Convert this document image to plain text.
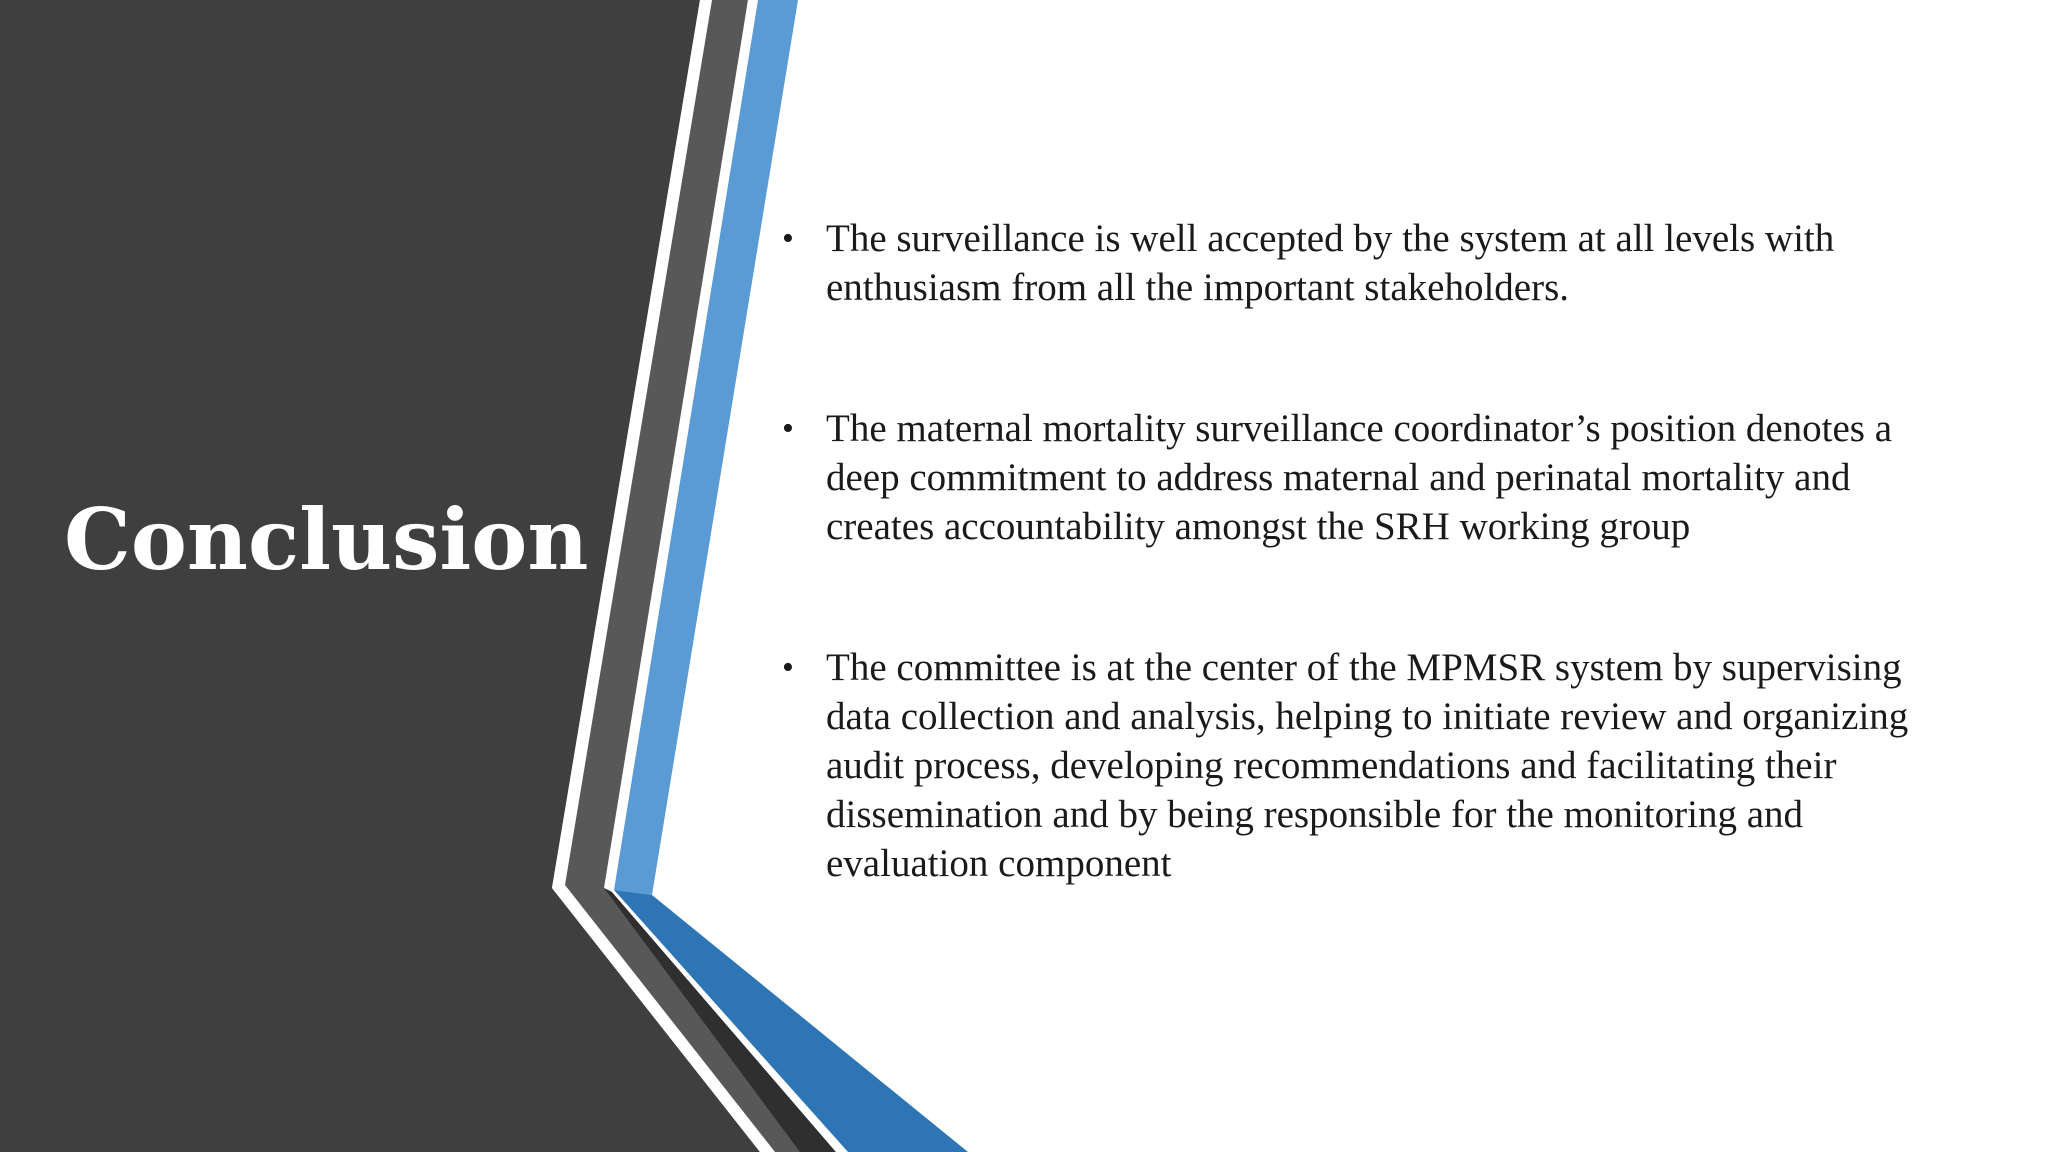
Conclusion
• The surveillance is well accepted by the system at all levels with enthusiasm from all the important stakeholders.
• The maternal mortality surveillance coordinator’s position denotes a deep commitment to address maternal and perinatal mortality and creates accountability amongst the SRH working group
• The committee is at the center of the MPMSR system by supervising data collection and analysis, helping to initiate review and organizing audit process, developing recommendations and facilitating their dissemination and by being responsible for the monitoring and evaluation component
